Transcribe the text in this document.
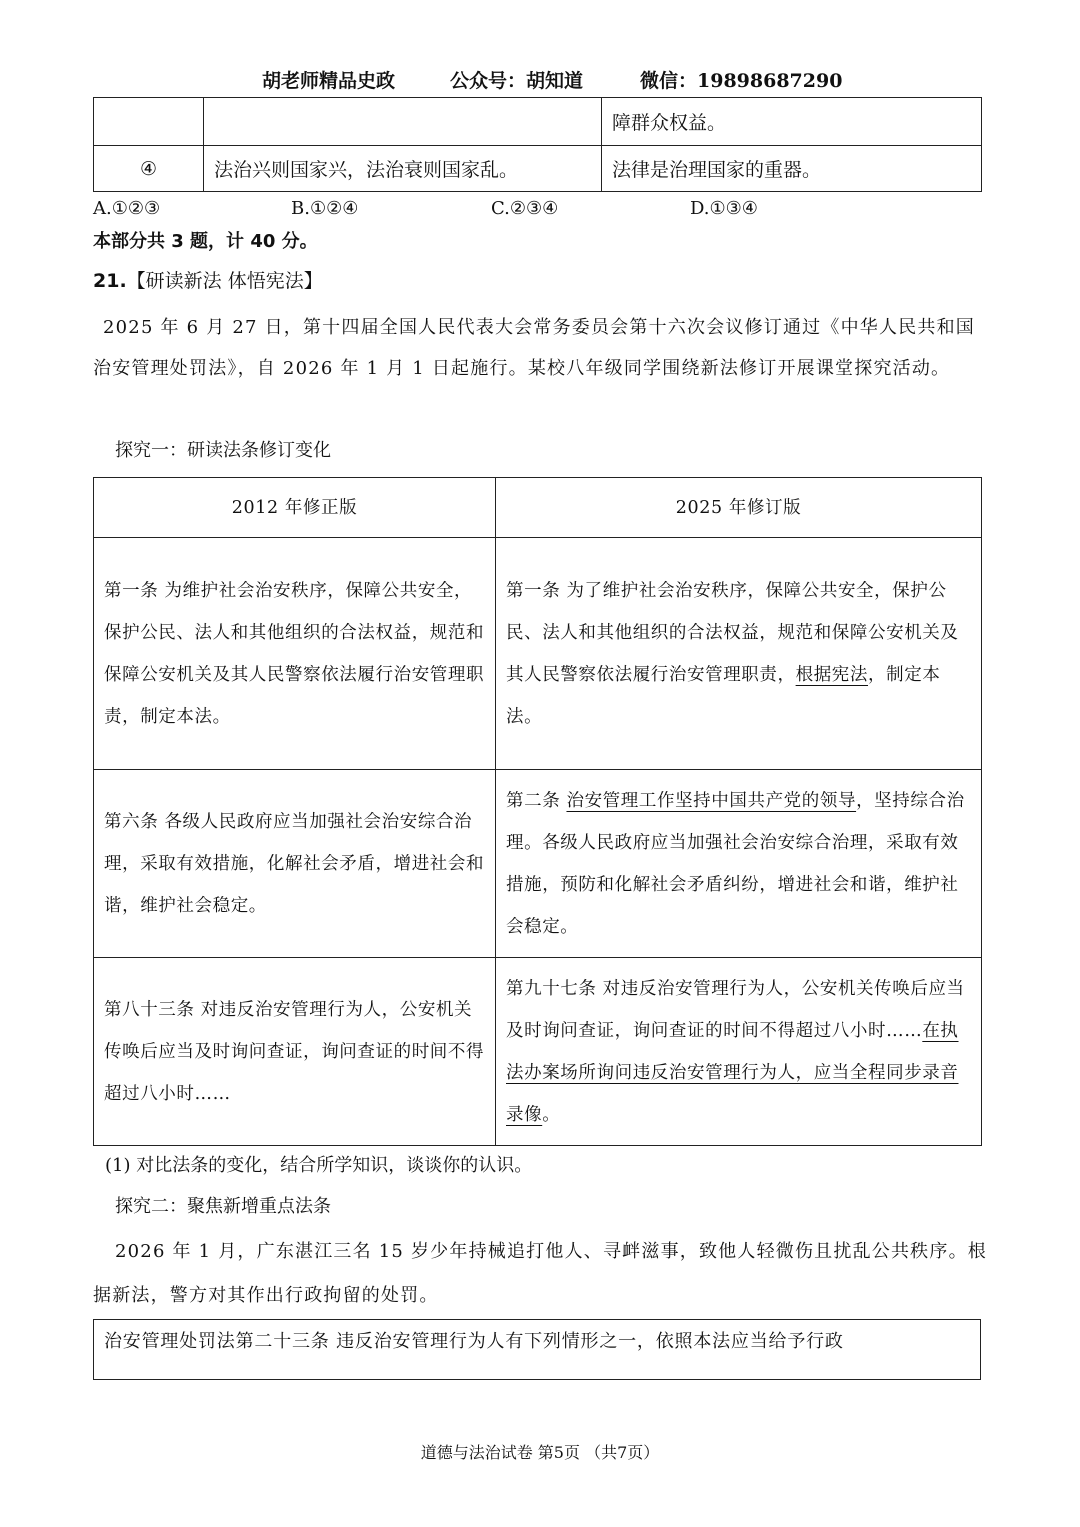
胡老师精品史政	公众号：胡知道	微信：19898687290
		障群众权益。
④	法治兴则国家兴，法治衰则国家乱。	法律是治理国家的重器。
A.①②③	B.①②④	C.②③④	D.①③④
本部分共 3 题，计 40 分。
21.【研读新法 体悟宪法】
2025 年 6 月 27 日，第十四届全国人民代表大会常务委员会第十六次会议修订通过《中华人民共和国治安管理处罚法》，自 2026 年 1 月 1 日起施行。某校八年级同学围绕新法修订开展课堂探究活动。
探究一：研读法条修订变化
2012 年修正版	2025 年修订版
第一条 为维护社会治安秩序，保障公共安全，保护公民、法人和其他组织的合法权益，规范和保障公安机关及其人民警察依法履行治安管理职责，制定本法。	第一条 为了维护社会治安秩序，保障公共安全，保护公民、法人和其他组织的合法权益，规范和保障公安机关及其人民警察依法履行治安管理职责，根据宪法，制定本法。
第六条 各级人民政府应当加强社会治安综合治理，采取有效措施，化解社会矛盾，增进社会和谐，维护社会稳定。	第二条 治安管理工作坚持中国共产党的领导，坚持综合治理。各级人民政府应当加强社会治安综合治理，采取有效措施，预防和化解社会矛盾纠纷，增进社会和谐，维护社会稳定。
第八十三条 对违反治安管理行为人，公安机关传唤后应当及时询问查证，询问查证的时间不得超过八小时……	第九十七条 对违反治安管理行为人，公安机关传唤后应当及时询问查证，询问查证的时间不得超过八小时……在执法办案场所询问违反治安管理行为人，应当全程同步录音录像。
(1) 对比法条的变化，结合所学知识，谈谈你的认识。
探究二：聚焦新增重点法条
2026 年 1 月，广东湛江三名 15 岁少年持械追打他人、寻衅滋事，致他人轻微伤且扰乱公共秩序。根据新法，警方对其作出行政拘留的处罚。
治安管理处罚法第二十三条 违反治安管理行为人有下列情形之一，依照本法应当给予行政
道德与法治试卷 第5页 （共7页）
